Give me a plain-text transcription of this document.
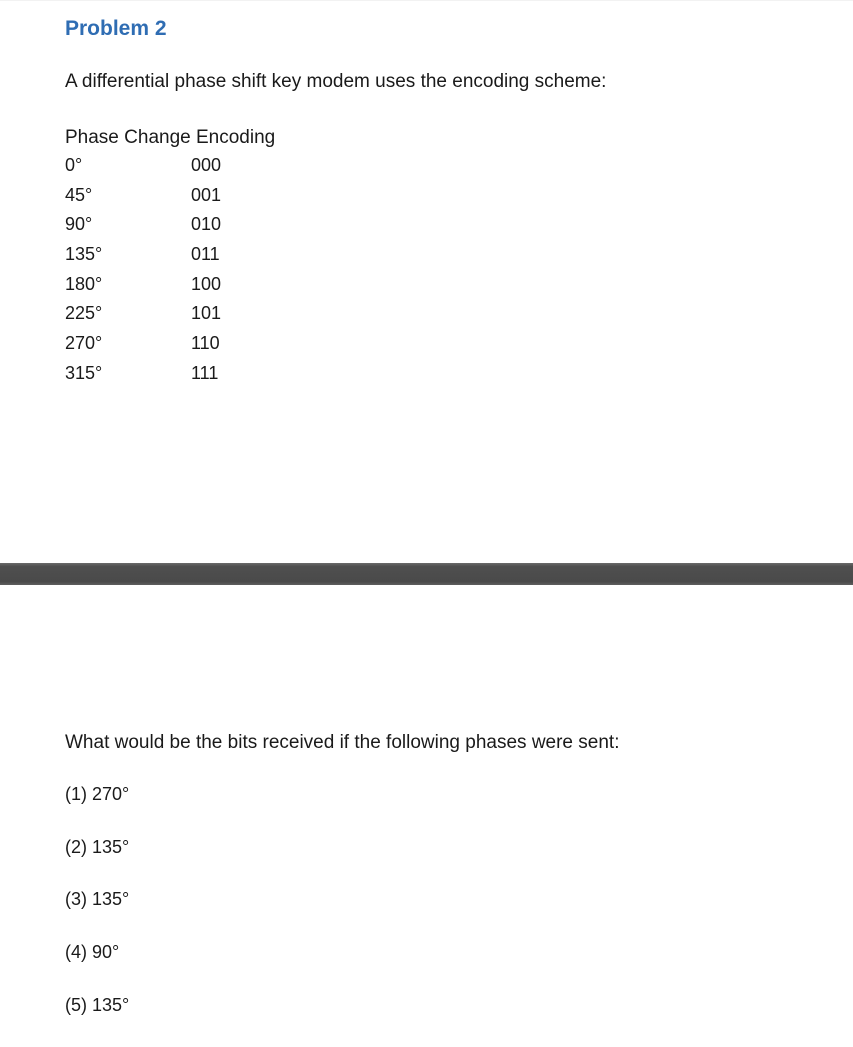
Problem 2
A differential phase shift key modem uses the encoding scheme:
Phase Change Encoding
0°	000
45°	001
90°	010
135°	011
180°	100
225°	101
270°	110
315°	111
What would be the bits received if the following phases were sent:
(1) 270°
(2) 135°
(3) 135°
(4) 90°
(5) 135°
